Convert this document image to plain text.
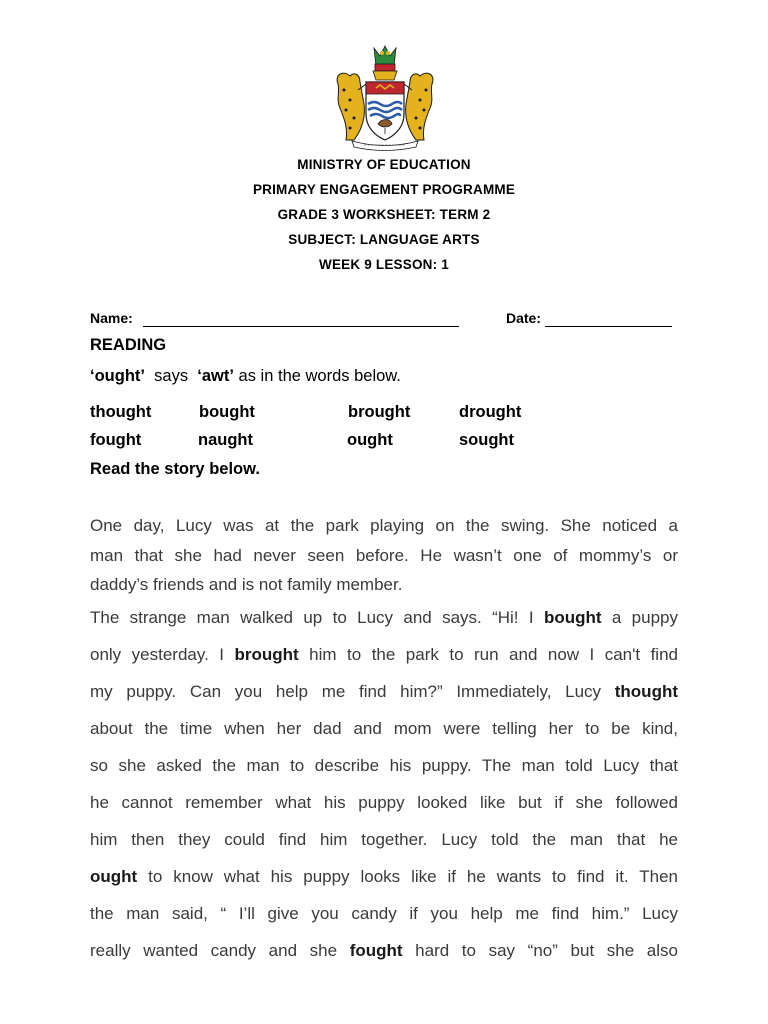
MINISTRY OF EDUCATION
PRIMARY ENGAGEMENT PROGRAMME
GRADE 3 WORKSHEET: TERM 2
SUBJECT: LANGUAGE ARTS
WEEK 9 LESSON: 1
Name:	Date:
READING
‘ought’ says ‘awt’ as in the words below.
thought	bought	brought	drought
fought	naught	ought	sought
Read the story below.
One day, Lucy was at the park playing on the swing. She noticed a
man that she had never seen before. He wasn’t one of mommy’s or
daddy’s friends and is not family member.
The strange man walked up to Lucy and says. “Hi! I bought a puppy
only yesterday. I brought him to the park to run and now I can't find
my puppy. Can you help me find him?” Immediately, Lucy thought
about the time when her dad and mom were telling her to be kind,
so she asked the man to describe his puppy. The man told Lucy that
he cannot remember what his puppy looked like but if she followed
him then they could find him together. Lucy told the man that he
ought to know what his puppy looks like if he wants to find it. Then
the man said, “ I’ll give you candy if you help me find him.” Lucy
really wanted candy and she fought hard to say “no” but she also
